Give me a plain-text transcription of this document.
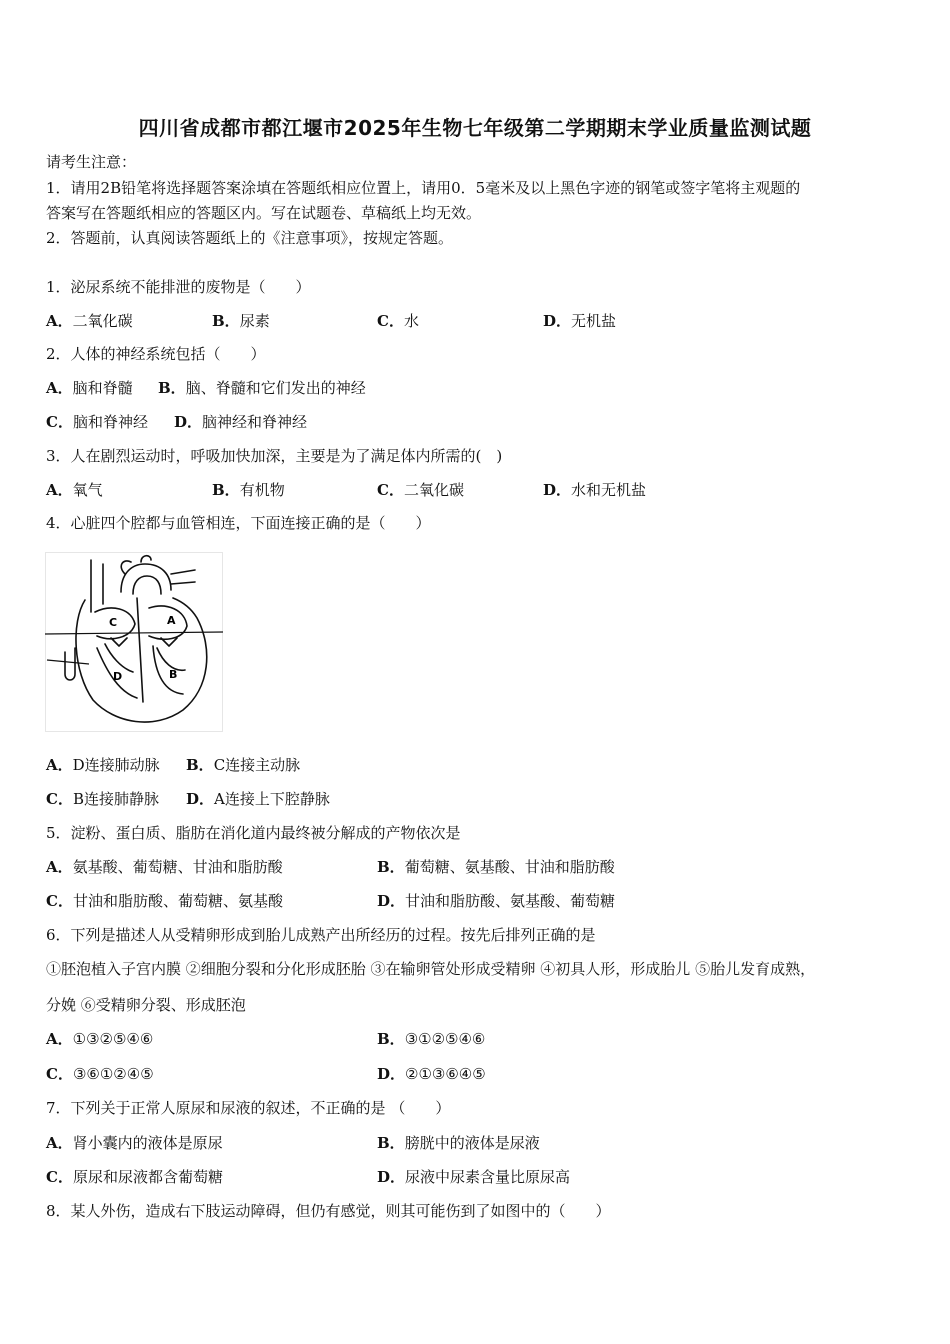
四川省成都市都江堰市2025年生物七年级第二学期期末学业质量监测试题
请考生注意：
1．请用2B铅笔将选择题答案涂填在答题纸相应位置上，请用0．5毫米及以上黑色字迹的钢笔或签字笔将主观题的
答案写在答题纸相应的答题区内。写在试题卷、草稿纸上均无效。
2．答题前，认真阅读答题纸上的《注意事项》，按规定答题。
1．泌尿系统不能排泄的废物是（　　）
A．二氧化碳	B．尿素	C．水	D．无机盐
2．人体的神经系统包括（　　）
A．脑和脊髓 B．脑、脊髓和它们发出的神经
C．脑和脊神经 D．脑神经和脊神经
3．人在剧烈运动时，呼吸加快加深，主要是为了满足体内所需的(　)
A．氧气	B．有机物	C．二氧化碳	D．水和无机盐
4．心脏四个腔都与血管相连，下面连接正确的是（　　）
C	A
D	B
A．D连接肺动脉 B．C连接主动脉
C．B连接肺静脉 D．A连接上下腔静脉
5．淀粉、蛋白质、脂肪在消化道内最终被分解成的产物依次是
A．氨基酸、葡萄糖、甘油和脂肪酸	B．葡萄糖、氨基酸、甘油和脂肪酸
C．甘油和脂肪酸、葡萄糖、氨基酸	D．甘油和脂肪酸、氨基酸、葡萄糖
6．下列是描述人从受精卵形成到胎儿成熟产出所经历的过程。按先后排列正确的是
①胚泡植入子宫内膜 ②细胞分裂和分化形成胚胎 ③在输卵管处形成受精卵 ④初具人形，形成胎儿 ⑤胎儿发育成熟，
分娩 ⑥受精卵分裂、形成胚泡
A．①③②⑤④⑥	B．③①②⑤④⑥
C．③⑥①②④⑤	D．②①③⑥④⑤
7．下列关于正常人原尿和尿液的叙述，不正确的是 （　　）
A．肾小囊内的液体是原尿	B．膀胱中的液体是尿液
C．原尿和尿液都含葡萄糖	D．尿液中尿素含量比原尿高
8．某人外伤，造成右下肢运动障碍，但仍有感觉，则其可能伤到了如图中的（　　）
